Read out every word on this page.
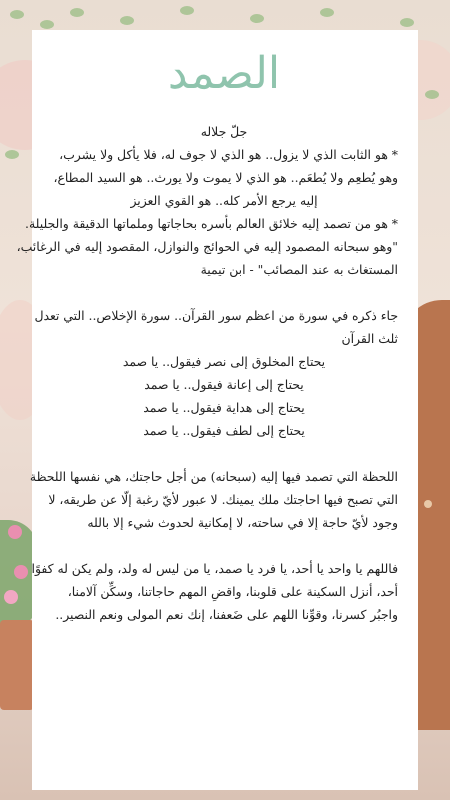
الصمد
جلّ جلاله
* هو الثابت الذي لا يزول.. هو الذي لا جوف له، فلا يأكل ولا يشرب،
وهو يُطعِم ولا يُطعَم.. هو الذي لا يموت ولا يورث.. هو السيد المطاع،
إليه يرجع الأمر كله.. هو القوي العزيز
* هو من تصمد إليه خلائق العالم بأسره بحاجاتها وملماتها الدقيقة والجليلة.
"وهو سبحانه المصمود إليه في الحوائج والنوازل، المقصود إليه في الرغائب،
المستغاث به عند المصائب" - ابن تيمية
جاء ذكره في سورة من اعظم سور القرآن.. سورة الإخلاص.. التي تعدل
ثلث القرآن
يحتاج المخلوق إلى نصر فيقول.. يا صمد
يحتاج إلى إعانة فيقول.. يا صمد
يحتاج إلى هداية فيقول.. يا صمد
يحتاج إلى لطف فيقول.. يا صمد
اللحظة التي تصمد فيها إليه (سبحانه) من أجل حاجتك، هي نفسها اللحظة
التي تصبح فيها احاجتك ملك يمينك. لا عبور لأيّ رغبة إلّا عن طريقه، لا
وجود لأيّ حاجة إلا في ساحته، لا إمكانية لحدوث شيء إلا بالله
فاللهم يا واحد يا أحد، يا فرد يا صمد، يا من ليس له ولد، ولم يكن له كفوًا
أحد، أنزل السكينة على قلوبنا، واقضِ المهم حاجاتنا، وسكِّن آلامنا،
واجبُر كسرنا، وقوِّنا اللهم على ضَعفنا، إنك نعم المولى ونعم النصير..
